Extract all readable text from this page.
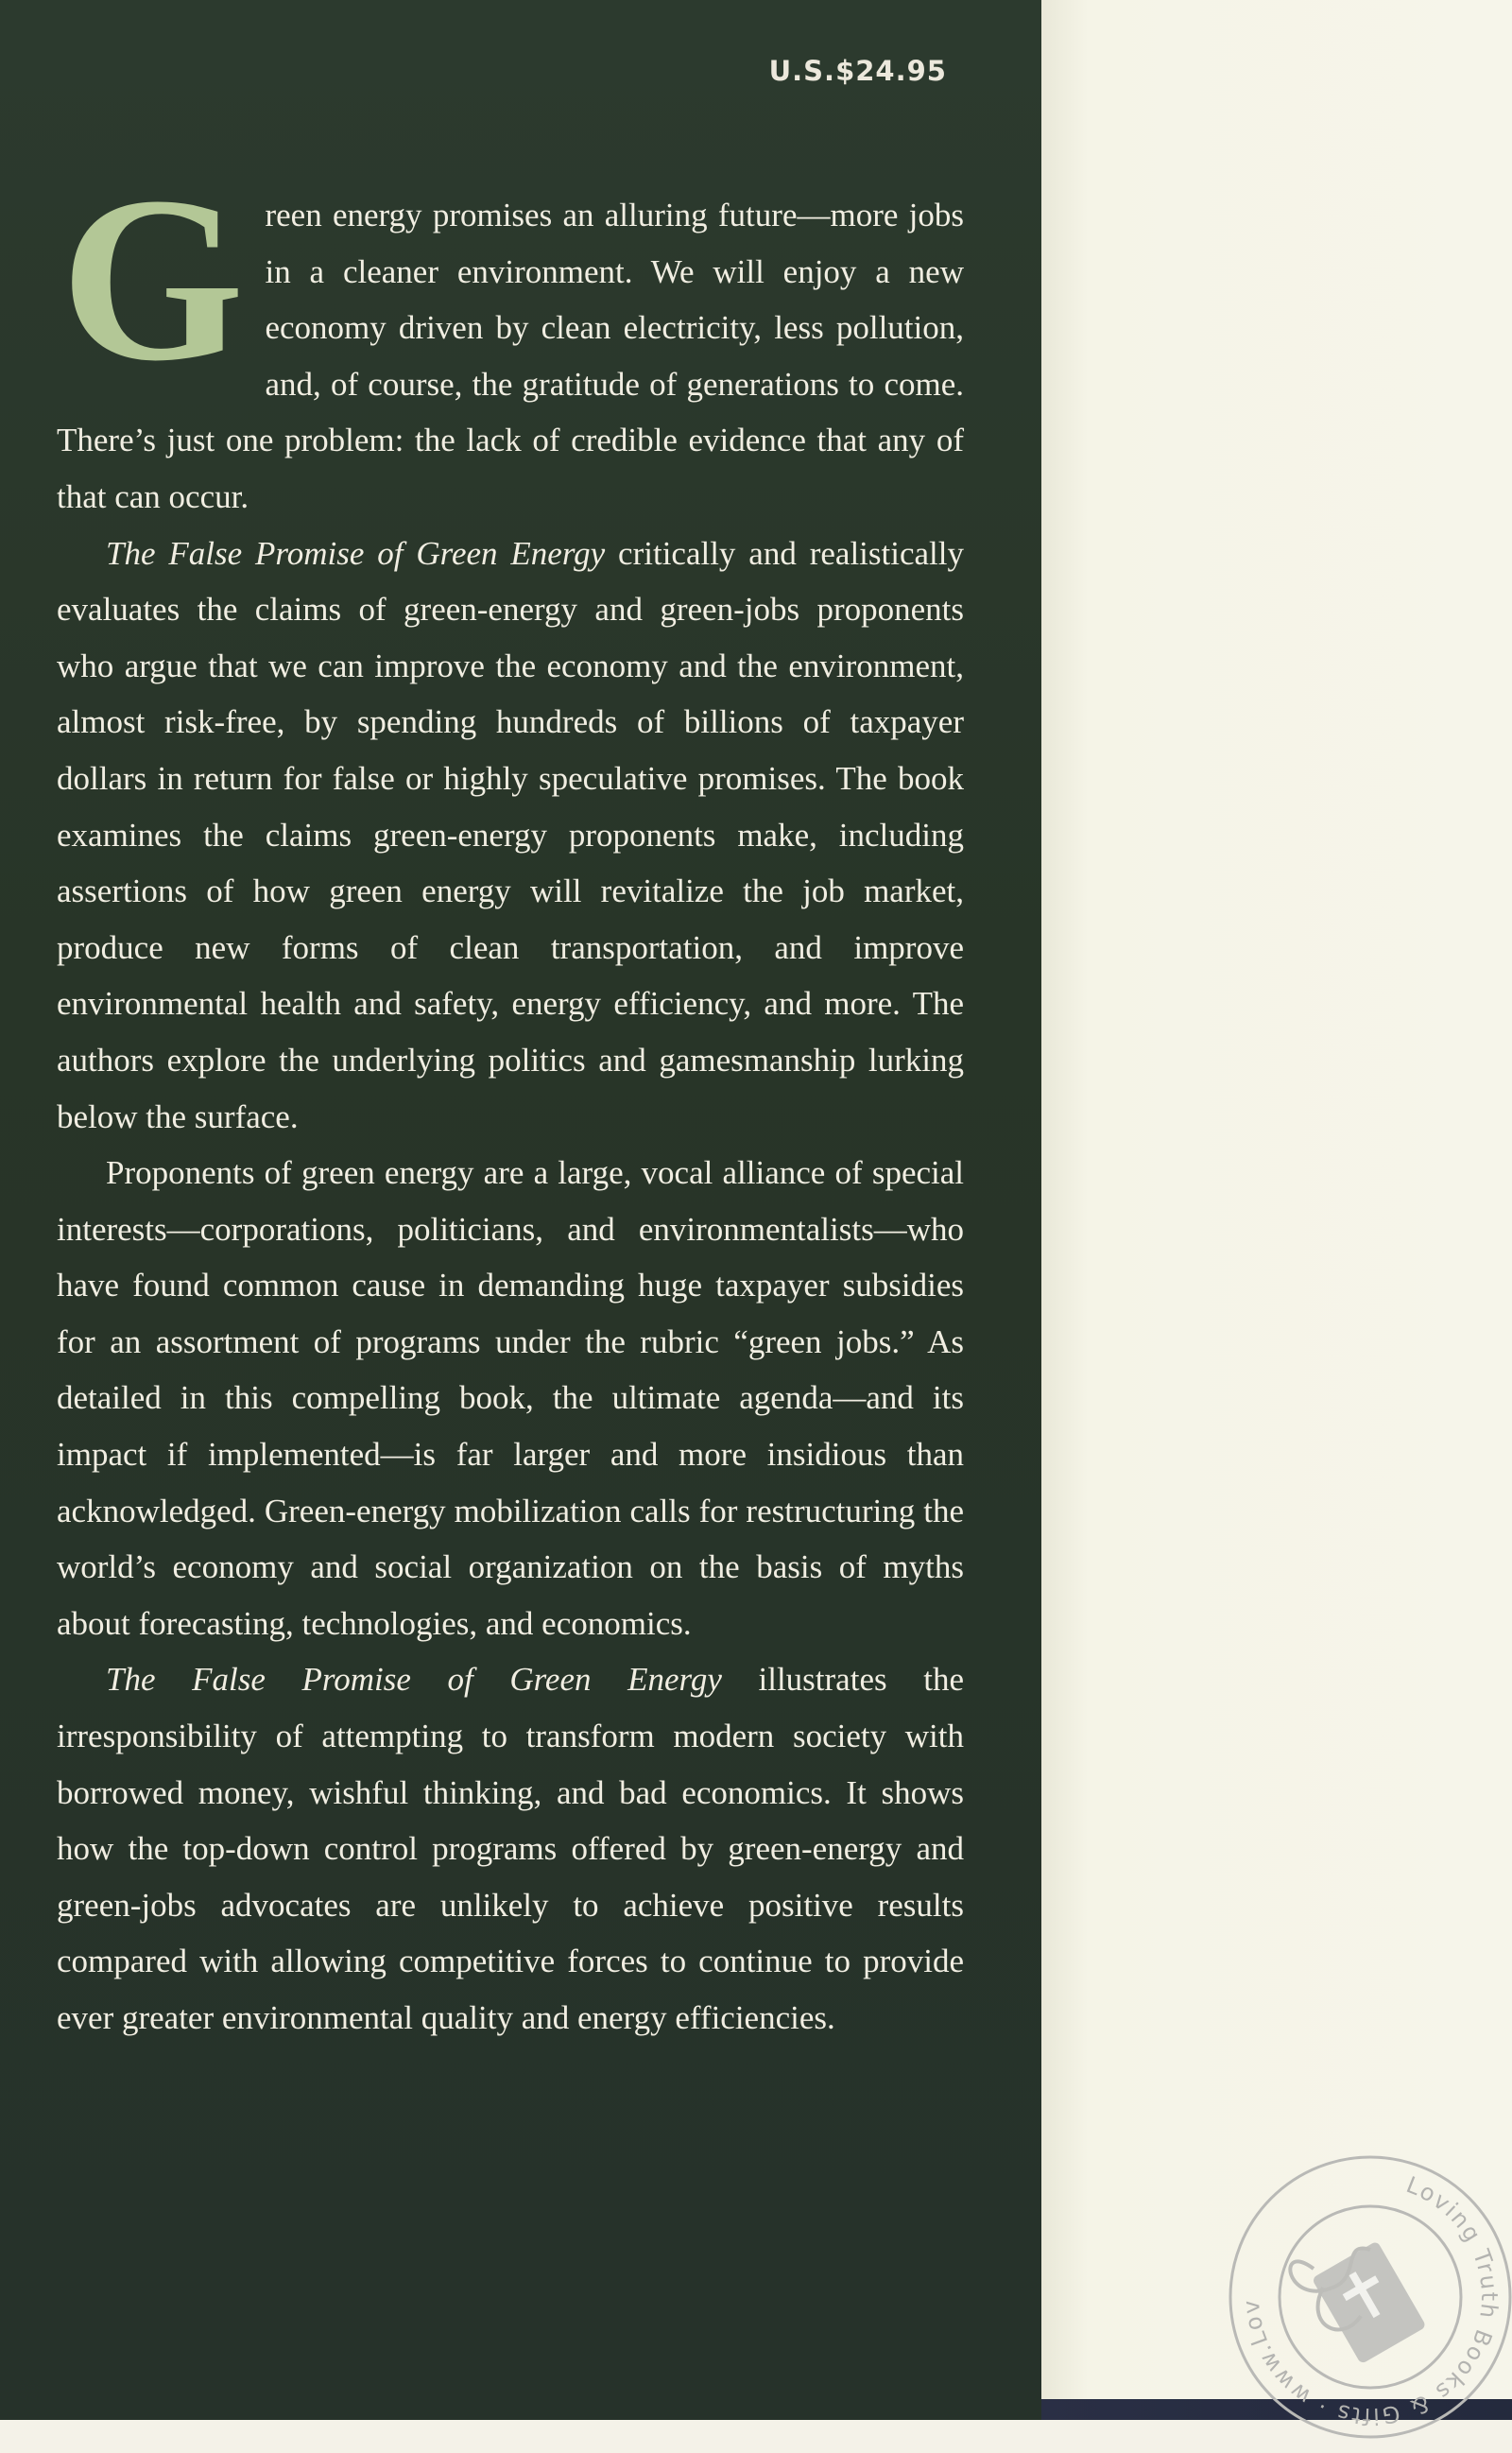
U.S.$24.95

Green energy promises an alluring future—more jobs in a cleaner environment. We will enjoy a new economy driven by clean electricity, less pollution, and, of course, the gratitude of generations to come. There’s just one problem: the lack of credible evidence that any of that can occur.

The False Promise of Green Energy critically and realistically evaluates the claims of green-energy and green-jobs proponents who argue that we can improve the economy and the environment, almost risk-free, by spending hundreds of billions of taxpayer dollars in return for false or highly speculative promises. The book examines the claims green-energy proponents make, including assertions of how green energy will revitalize the job market, produce new forms of clean transportation, and improve environmental health and safety, energy efficiency, and more. The authors explore the underlying politics and gamesmanship lurking below the surface.

Proponents of green energy are a large, vocal alliance of special interests—corporations, politicians, and environmentalists—who have found common cause in demanding huge taxpayer subsidies for an assortment of programs under the rubric “green jobs.” As detailed in this compelling book, the ultimate agenda—and its impact if implemented—is far larger and more insidious than acknowledged. Green-energy mobilization calls for restructuring the world’s economy and social organization on the basis of myths about forecasting, technologies, and economics.

The False Promise of Green Energy illustrates the irresponsibility of attempting to transform modern society with borrowed money, wishful thinking, and bad economics. It shows how the top-down control programs offered by green-energy and green-jobs advocates are unlikely to achieve positive results compared with allowing competitive forces to continue to provide ever greater environmental quality and energy efficiencies.

Loving Truth Books & Gifts · www.Lov
